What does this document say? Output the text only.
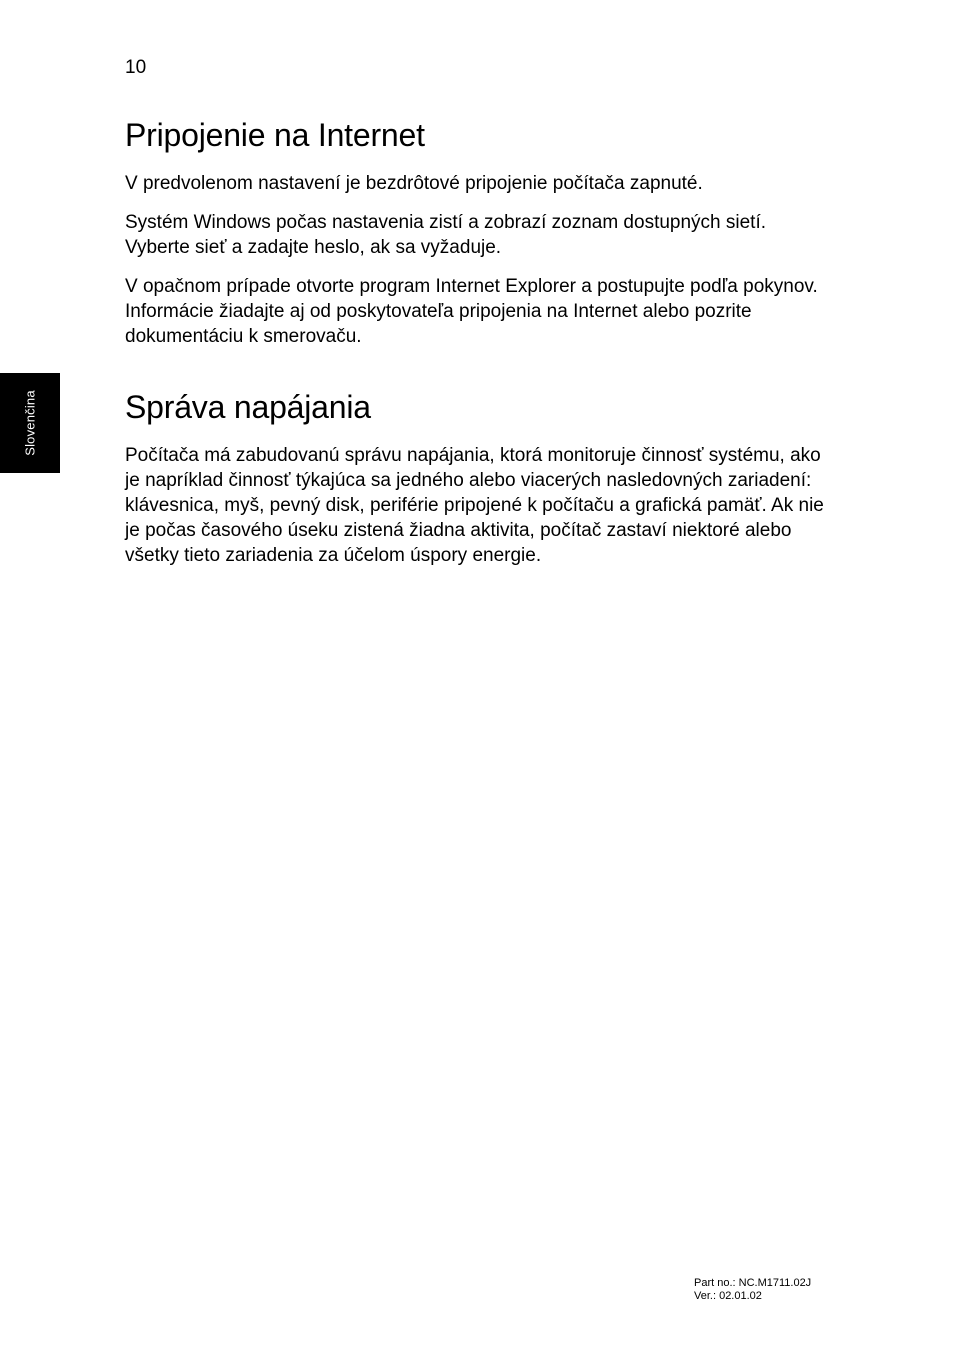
10
Slovenčina
Pripojenie na Internet

V predvolenom nastavení je bezdrôtové pripojenie počítača zapnuté.

Systém Windows počas nastavenia zistí a zobrazí zoznam dostupných sietí. Vyberte sieť a zadajte heslo, ak sa vyžaduje.

V opačnom prípade otvorte program Internet Explorer a postupujte podľa pokynov. Informácie žiadajte aj od poskytovateľa pripojenia na Internet alebo pozrite dokumentáciu k smerovaču.

Správa napájania

Počítača má zabudovanú správu napájania, ktorá monitoruje činnosť systému, ako je napríklad činnosť týkajúca sa jedného alebo viacerých nasledovných zariadení: klávesnica, myš, pevný disk, periférie pripojené k počítaču a grafická pamäť. Ak nie je počas časového úseku zistená žiadna aktivita, počítač zastaví niektoré alebo všetky tieto zariadenia za účelom úspory energie.

Part no.: NC.M1711.02J
Ver.: 02.01.02
